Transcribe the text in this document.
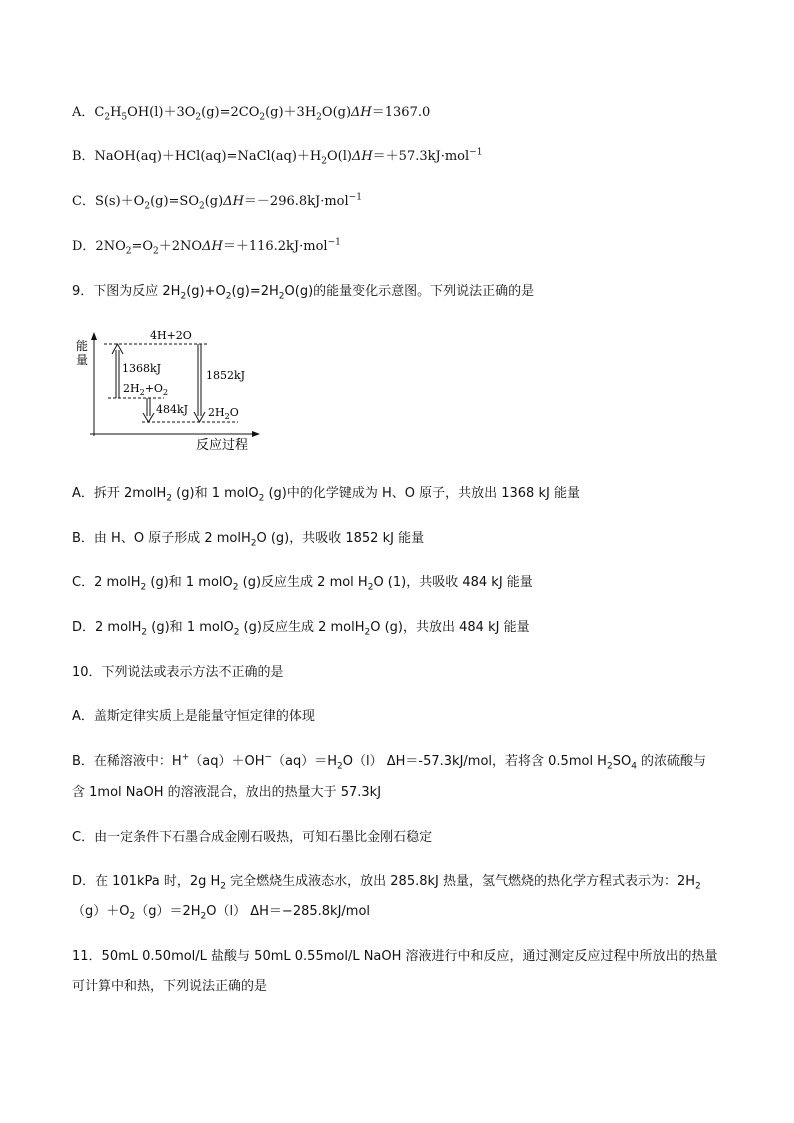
A．$C_2H_5OH(l)+3O_2(g)=2CO_2(g)+3H_2O(g)\Delta H=1367.0$
B．$NaOH(aq)+HCl(aq)=NaCl(aq)+H_2O(l)\Delta H=+57.3kJ\cdot mol^{-1}$
C．$S(s)+O_2(g)=SO_2(g)\Delta H=-296.8kJ\cdot mol^{-1}$
D．$2NO_2=O_2+2NO\Delta H=+116.2kJ\cdot mol^{-1}$
9．下图为反应 $2H_2(g)+O_2(g)=2H_2O(g)$的能量变化示意图。下列说法正确的是
能
量
反应过程
4H+2O
$2H_2+O_2$
$2H_2O$
1368kJ
1852kJ
484kJ
A．拆开 2molH$_2$ (g)和 1 molO$_2$ (g)中的化学键成为 H、O 原子，共放出 1368 kJ 能量
B．由 H、O 原子形成 2 molH$_2$O (g)，共吸收 1852 kJ 能量
C．2 molH$_2$ (g)和 1 molO$_2$ (g)反应生成 2 mol $H_2O$ (1)，共吸收 484 kJ 能量
D．2 molH$_2$ (g)和 1 molO$_2$ (g)反应生成 2 molH$_2$O (g)，共放出 484 kJ 能量
10．下列说法或表示方法不正确的是
A．盖斯定律实质上是能量守恒定律的体现
B．在稀溶液中：$H^+(aq)+OH^-(aq)=H_2O(l)$ ΔH＝-57.3kJ/mol，若将含 0.5mol $H_2SO_4$ 的浓硫酸与
含 1mol NaOH 的溶液混合，放出的热量大于 57.3kJ
C．由一定条件下石墨合成金刚石吸热，可知石墨比金刚石稳定
D．在 101kPa 时，2g $H_2$ 完全燃烧生成液态水，放出 285.8kJ 热量，氢气燃烧的热化学方程式表示为：$2H_2$
$(g)+O_2(g)=2H_2O(l)$ ΔH＝−285.8kJ/mol
11．50mL 0.50mol/L 盐酸与 50mL 0.55mol/L NaOH 溶液进行中和反应，通过测定反应过程中所放出的热量
可计算中和热，下列说法正确的是
